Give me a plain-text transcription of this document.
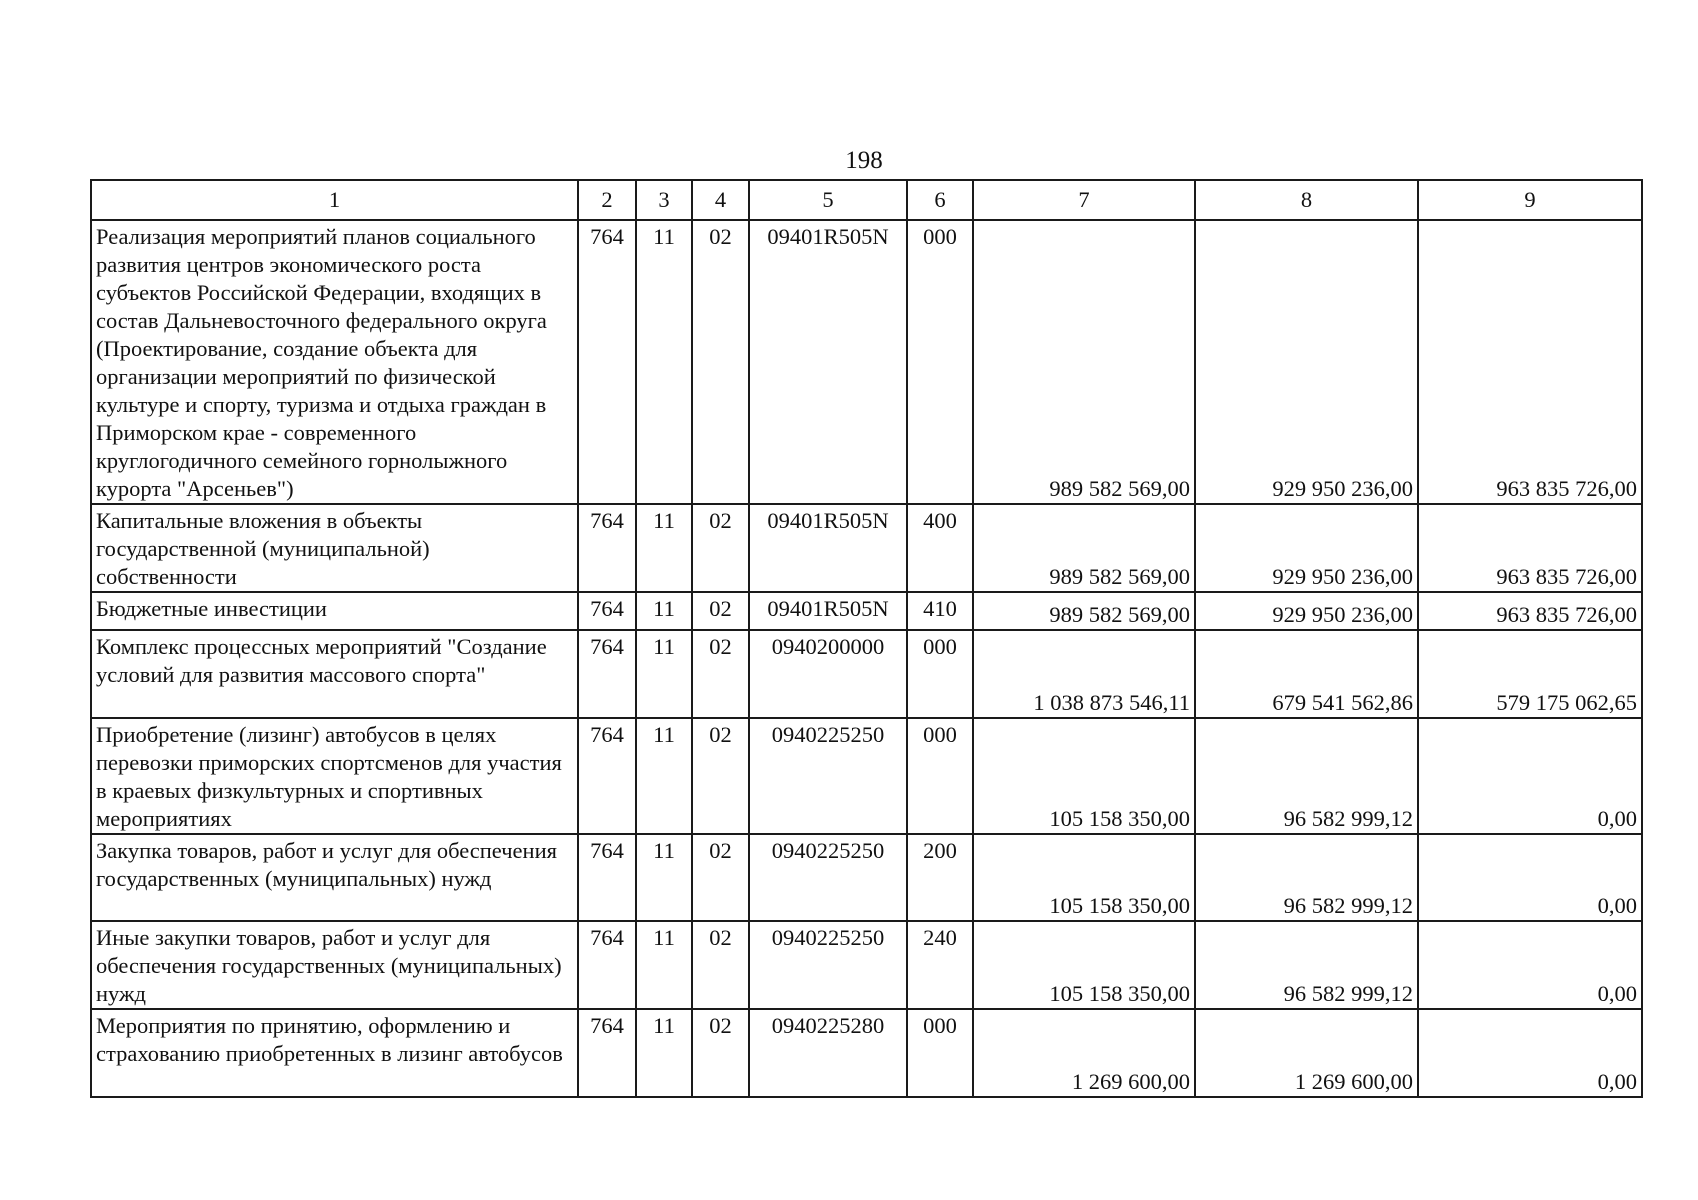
198
1	2	3	4	5	6	7	8	9
Реализация мероприятий планов социального развития центров экономического роста субъектов Российской Федерации, входящих в состав Дальневосточного федерального округа (Проектирование, создание объекта для организации мероприятий по физической культуре и спорту, туризма и отдыха граждан в Приморском крае - современного круглогодичного семейного горнолыжного курорта "Арсеньев")	764	11	02	09401R505N	000	989 582 569,00	929 950 236,00	963 835 726,00
Капитальные вложения в объекты государственной (муниципальной) собственности	764	11	02	09401R505N	400	989 582 569,00	929 950 236,00	963 835 726,00
Бюджетные инвестиции	764	11	02	09401R505N	410	989 582 569,00	929 950 236,00	963 835 726,00
Комплекс процессных мероприятий "Создание условий для развития массового спорта"	764	11	02	0940200000	000	1 038 873 546,11	679 541 562,86	579 175 062,65
Приобретение (лизинг) автобусов в целях перевозки приморских спортсменов для участия в краевых физкультурных и спортивных мероприятиях	764	11	02	0940225250	000	105 158 350,00	96 582 999,12	0,00
Закупка товаров, работ и услуг для обеспечения государственных (муниципальных) нужд	764	11	02	0940225250	200	105 158 350,00	96 582 999,12	0,00
Иные закупки товаров, работ и услуг для обеспечения государственных (муниципальных) нужд	764	11	02	0940225250	240	105 158 350,00	96 582 999,12	0,00
Мероприятия по принятию, оформлению и страхованию приобретенных в лизинг автобусов	764	11	02	0940225280	000	1 269 600,00	1 269 600,00	0,00
